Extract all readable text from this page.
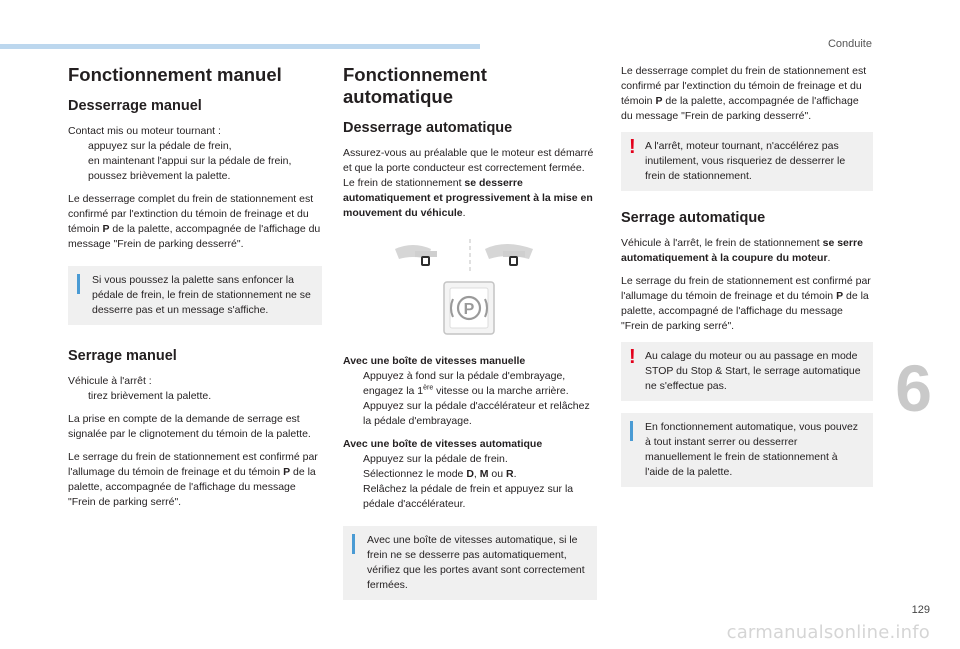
Conduite
6
129
carmanualsonline.info
Fonctionnement manuel
Desserrage manuel

Contact mis ou moteur tournant :

appuyez sur la pédale de frein,
en maintenant l'appui sur la pédale de frein, poussez brièvement la palette.

Le desserrage complet du frein de stationnement est confirmé par l'extinction du témoin de freinage et du témoin P de la palette, accompagnée de l'affichage du message "Frein de parking desserré".

Si vous poussez la palette sans enfoncer la pédale de frein, le frein de stationnement ne se desserre pas et un message s'affiche.
Serrage manuel

Véhicule à l'arrêt :

tirez brièvement la palette.

La prise en compte de la demande de serrage est signalée par le clignotement du témoin de la palette.

Le serrage du frein de stationnement est confirmé par l'allumage du témoin de freinage et du témoin P de la palette, accompagnée de l'affichage du message "Frein de parking serré".

Fonctionnement automatique
Desserrage automatique

Assurez-vous au préalable que le moteur est démarré et que la porte conducteur est correctement fermée.

Le frein de stationnement se desserre automatiquement et progressivement à la mise en mouvement du véhicule.

P

Avec une boîte de vitesses manuelle

Appuyez à fond sur la pédale d'embrayage, engagez la 1ère vitesse ou la marche arrière.
Appuyez sur la pédale d'accélérateur et relâchez la pédale d'embrayage.

Avec une boîte de vitesses automatique

Appuyez sur la pédale de frein.
Sélectionnez le mode D, M ou R.
Relâchez la pédale de frein et appuyez sur la pédale d'accélérateur.
Avec une boîte de vitesses automatique, si le frein ne se desserre pas automatiquement, vérifiez que les portes avant sont correctement fermées.

Le desserrage complet du frein de stationnement est confirmé par l'extinction du témoin de freinage et du témoin P de la palette, accompagnée de l'affichage du message "Frein de parking desserré".

! A l'arrêt, moteur tournant, n'accélérez pas inutilement, vous risqueriez de desserrer le frein de stationnement.
Serrage automatique

Véhicule à l'arrêt, le frein de stationnement se serre automatiquement à la coupure du moteur.

Le serrage du frein de stationnement est confirmé par l'allumage du témoin de freinage et du témoin P de la palette, accompagné de l'affichage du message "Frein de parking serré".

! Au calage du moteur ou au passage en mode STOP du Stop & Start, le serrage automatique ne s'effectue pas.
En fonctionnement automatique, vous pouvez à tout instant serrer ou desserrer manuellement le frein de stationnement à l'aide de la palette.
